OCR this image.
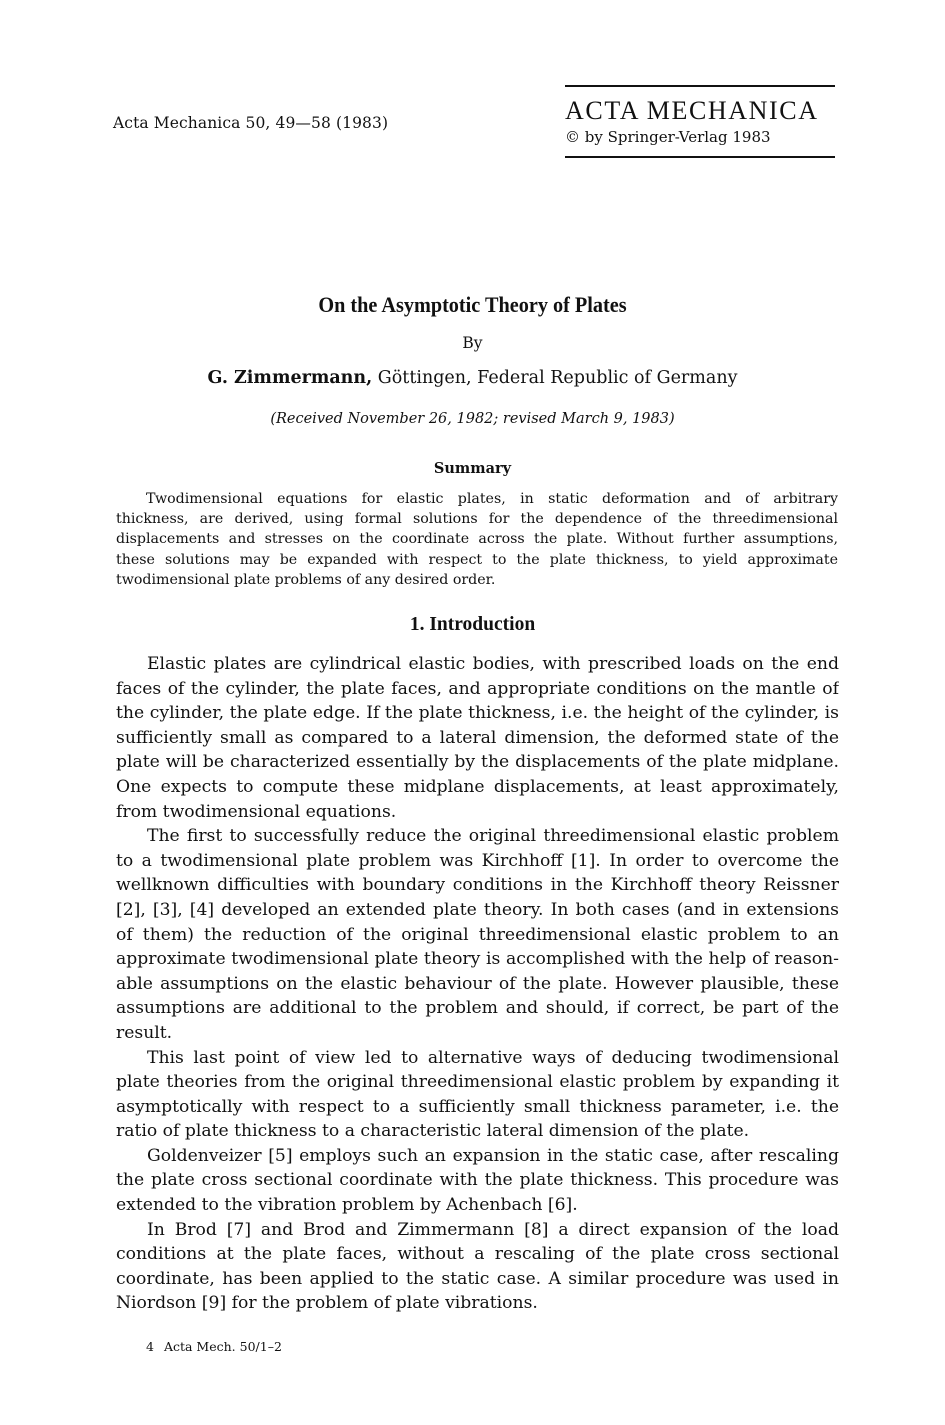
Acta Mechanica 50, 49—58 (1983)	ACTA MECHANICA
© by Springer-Verlag 1983
On the Asymptotic Theory of Plates
By
G. Zimmermann, Göttingen, Federal Republic of Germany
(Received November 26, 1982; revised March 9, 1983)
Summary
Twodimensional equations for elastic plates, in static deformation and of arbitrary
thickness, are derived, using formal solutions for the dependence of the threedimensional
displacements and stresses on the coordinate across the plate. Without further assumptions,
these solutions may be expanded with respect to the plate thickness, to yield approximate
twodimensional plate problems of any desired order.
1. Introduction
Elastic plates are cylindrical elastic bodies, with prescribed loads on the end
faces of the cylinder, the plate faces, and appropriate conditions on the mantle of
the cylinder, the plate edge. If the plate thickness, i.e. the height of the cylinder, is
sufficiently small as compared to a lateral dimension, the deformed state of the
plate will be characterized essentially by the displacements of the plate midplane.
One expects to compute these midplane displacements, at least approximately,
from twodimensional equations.
The first to successfully reduce the original threedimensional elastic problem
to a twodimensional plate problem was Kirchhoff [1]. In order to overcome the
wellknown difficulties with boundary conditions in the Kirchhoff theory Reissner
[2], [3], [4] developed an extended plate theory. In both cases (and in extensions
of them) the reduction of the original threedimensional elastic problem to an
approximate twodimensional plate theory is accomplished with the help of reason-
able assumptions on the elastic behaviour of the plate. However plausible, these
assumptions are additional to the problem and should, if correct, be part of the
result.
This last point of view led to alternative ways of deducing twodimensional
plate theories from the original threedimensional elastic problem by expanding it
asymptotically with respect to a sufficiently small thickness parameter, i.e. the
ratio of plate thickness to a characteristic lateral dimension of the plate.
Goldenveizer [5] employs such an expansion in the static case, after rescaling
the plate cross sectional coordinate with the plate thickness. This procedure was
extended to the vibration problem by Achenbach [6].
In Brod [7] and Brod and Zimmermann [8] a direct expansion of the load
conditions at the plate faces, without a rescaling of the plate cross sectional
coordinate, has been applied to the static case. A similar procedure was used in
Niordson [9] for the problem of plate vibrations.
4 Acta Mech. 50/1–2
